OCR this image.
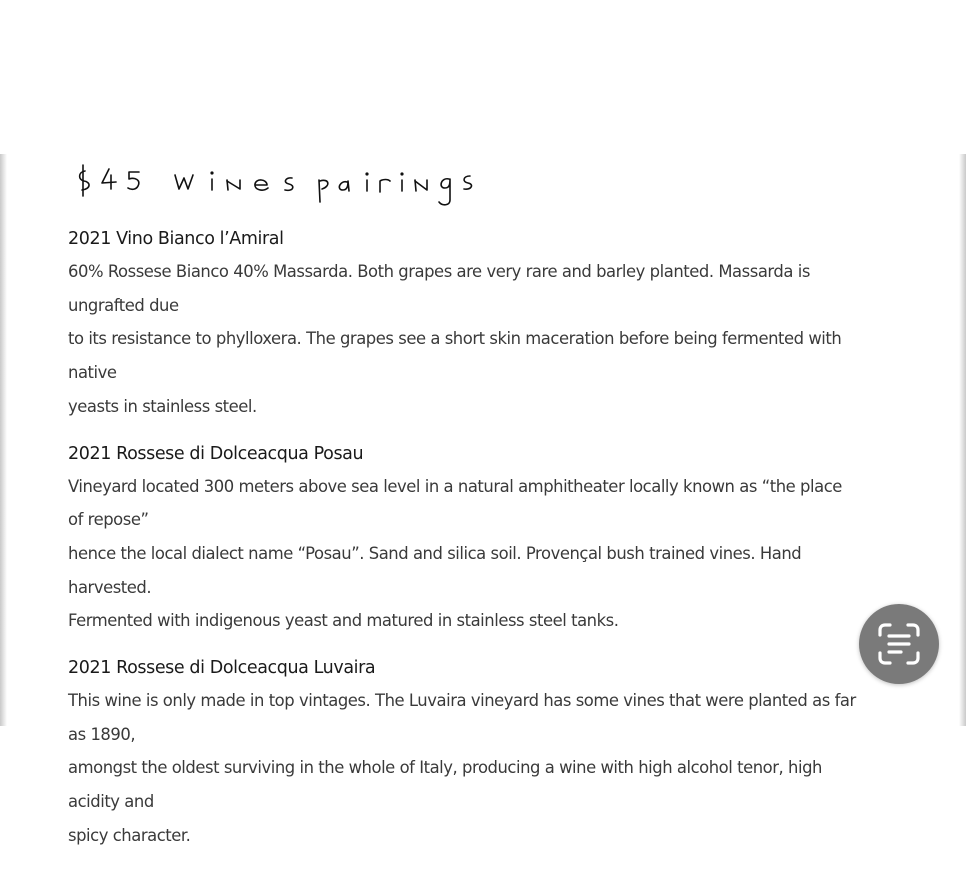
2021 Vino Bianco l’Amiral

60% Rossese Bianco 40% Massarda. Both grapes are very rare and barley planted. Massarda is ungrafted due
to its resistance to phylloxera. The grapes see a short skin maceration before being fermented with native
yeasts in stainless steel.

2021 Rossese di Dolceacqua Posau

Vineyard located 300 meters above sea level in a natural amphitheater locally known as “the place of repose”
hence the local dialect name “Posau”. Sand and silica soil. Provençal bush trained vines. Hand harvested.
Fermented with indigenous yeast and matured in stainless steel tanks.

2021 Rossese di Dolceacqua Luvaira

This wine is only made in top vintages. The Luvaira vineyard has some vines that were planted as far as 1890,
amongst the oldest surviving in the whole of Italy, producing a wine with high alcohol tenor, high acidity and
spicy character.
